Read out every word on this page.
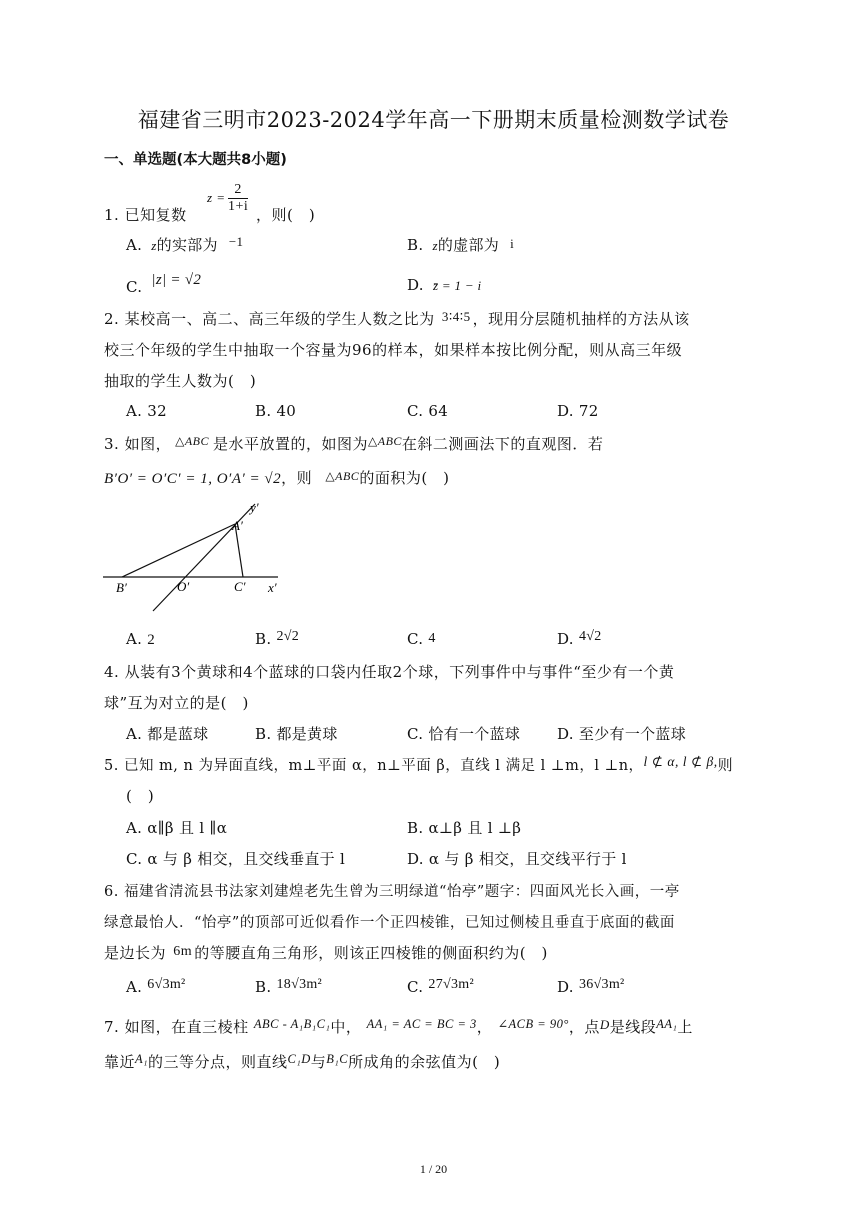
福建省三明市2023-2024学年高一下册期末质量检测数学试卷
一、单选题(本大题共8小题)
1. 已知复数
$z = \frac{2}{1+i}$ ，则(　)
A. z的实部为 −1	B. z的虚部为 i
C. |z| = √2	D. z̄ = 1 − i
2. 某校高一、高二、高三年级的学生人数之比为 3∶4∶5 ，现用分层随机抽样的方法从该
校三个年级的学生中抽取一个容量为96的样本，如果样本按比例分配，则从高三年级
抽取的学生人数为(　)
A. 32	B. 40	C. 64	D. 72
3. 如图， $^{\triangle ABC}$ 是水平放置的，如图为$^{\triangle ABC}$在斜二测画法下的直观图．若
B′O′ = O′C′ = 1, O′A′ = √2，则 $^{\triangle ABC}$的面积为(　)
y′
A′
B′	O′	C′ x′
A. 2	B. 2√2	C. 4	D. 4√2
4. 从装有3个黄球和4个蓝球的口袋内任取2个球，下列事件中与事件“至少有一个黄
球”互为对立的是(　)
A. 都是蓝球	B. 都是黄球	C. 恰有一个蓝球 D. 至少有一个蓝球
5. 已知 m, n 为异面直线，m⊥平面 α，n⊥平面 β，直线 l 满足 l ⊥m，l ⊥n，l ⊄ α, l ⊄ β,则
(　)
A. α∥β 且 l ∥α	B. α⊥β 且 l ⊥β
C. α 与 β 相交，且交线垂直于 l	D. α 与 β 相交，且交线平行于 l
6. 福建省清流县书法家刘建煌老先生曾为三明绿道“怡亭”题字：四面风光长入画，一亭
绿意最怡人．“怡亭”的顶部可近似看作一个正四棱锥，已知过侧棱且垂直于底面的截面
是边长为 6m 的等腰直角三角形，则该正四棱锥的侧面积约为(　)
A. 6√3m²	B. 18√3m²	C. 27√3m²	D. 36√3m²
7. 如图，在直三棱柱 $^{ABC - A_1B_1C_1}$中， $^{AA_1 = AC = BC = 3}$， $^{\angle ACB = 90^\circ}$，点D是线段$^{AA_1}$上
靠近$^{A_1}$的三等分点，则直线$^{C_1D}$与$^{B_1C}$所成角的余弦值为(　)
1 / 20
